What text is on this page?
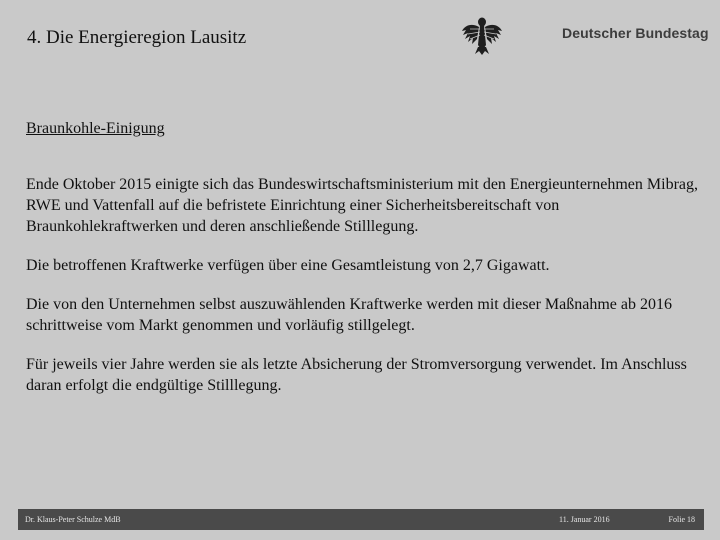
4. Die Energieregion Lausitz	Deutscher Bundestag
Braunkohle-Einigung

Ende Oktober 2015 einigte sich das Bundeswirtschaftsministerium mit den Energieunternehmen Mibrag, RWE und Vattenfall auf die befristete Einrichtung einer Sicherheitsbereitschaft von Braunkohlekraftwerken und deren anschließende Stilllegung.

Die betroffenen Kraftwerke verfügen über eine Gesamtleistung von 2,7 Gigawatt.

Die von den Unternehmen selbst auszuwählenden Kraftwerke werden mit dieser Maßnahme ab 2016 schrittweise vom Markt genommen und vorläufig stillgelegt.

Für jeweils vier Jahre werden sie als letzte Absicherung der Stromversorgung verwendet. Im Anschluss daran erfolgt die endgültige Stilllegung.

Dr. Klaus-Peter Schulze MdB	11. Januar 2016	Folie 18
